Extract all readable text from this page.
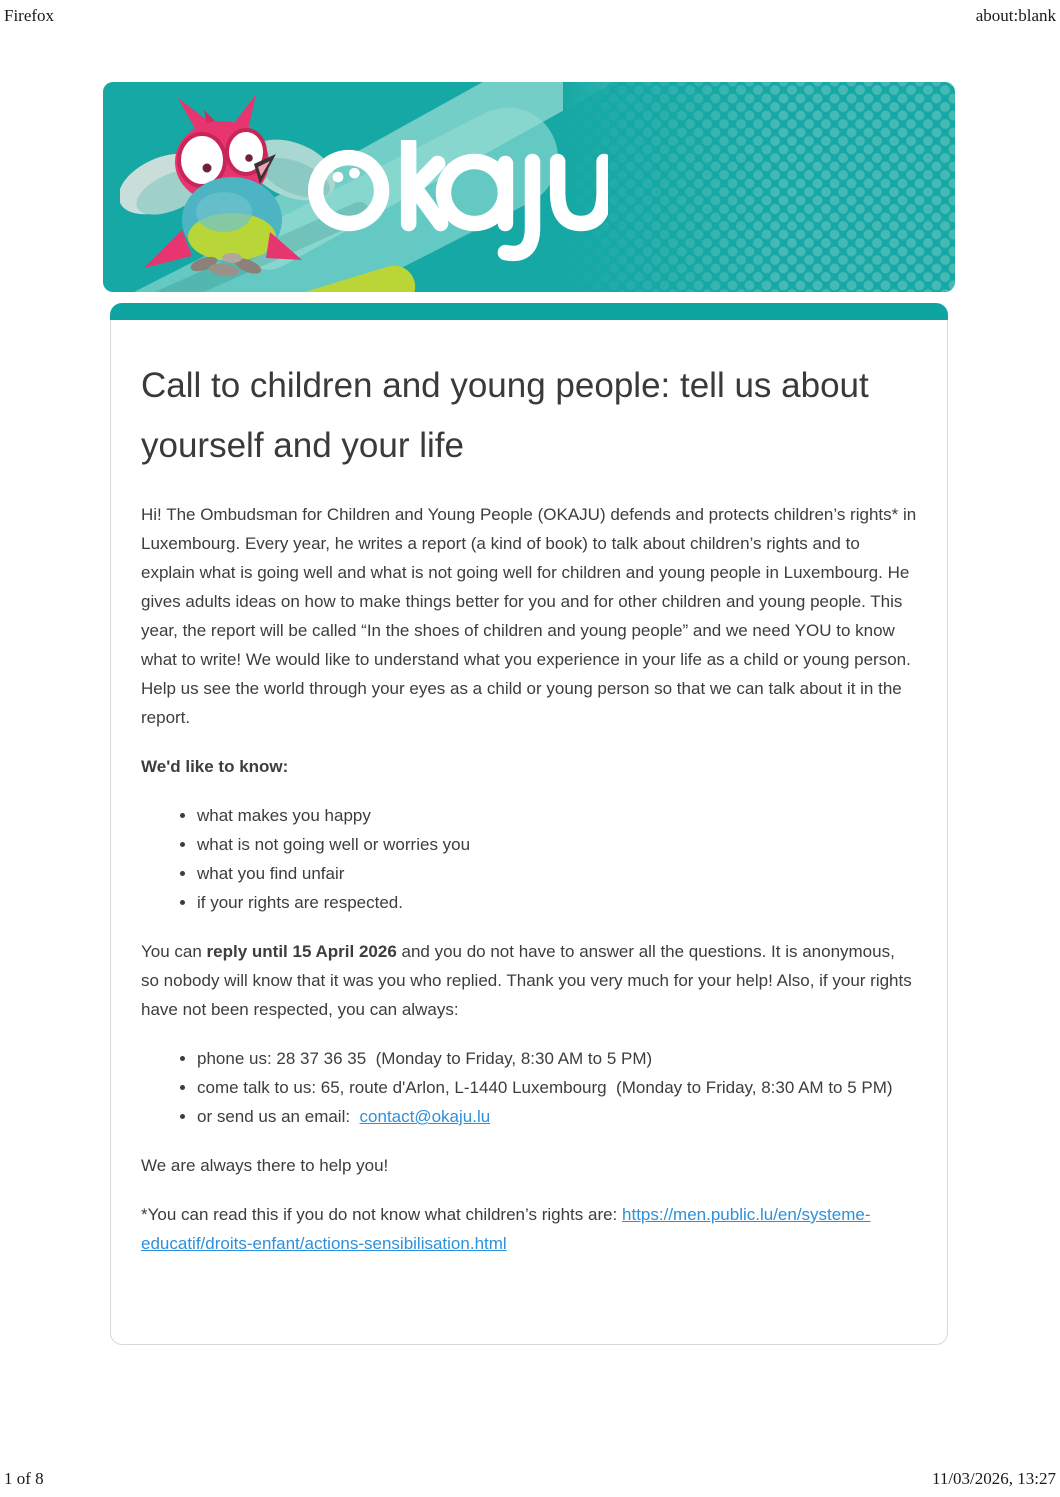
Firefox	about:blank
Call to children and young people: tell us about yourself and your life

Hi! The Ombudsman for Children and Young People (OKAJU) defends and protects children’s rights* in Luxembourg. Every year, he writes a report (a kind of book) to talk about children’s rights and to explain what is going well and what is not going well for children and young people in Luxembourg. He gives adults ideas on how to make things better for you and for other children and young people. This year, the report will be called “In the shoes of children and young people” and we need YOU to know what to write! We would like to understand what you experience in your life as a child or young person. Help us see the world through your eyes as a child or young person so that we can talk about it in the report.

We'd like to know:

• what makes you happy
• what is not going well or worries you
• what you find unfair
• if your rights are respected.

You can reply until 15 April 2026 and you do not have to answer all the questions. It is anonymous, so nobody will know that it was you who replied. Thank you very much for your help! Also, if your rights have not been respected, you can always:

• phone us: 28 37 36 35  (Monday to Friday, 8:30 AM to 5 PM)
• come talk to us: 65, route d'Arlon, L-1440 Luxembourg  (Monday to Friday, 8:30 AM to 5 PM)
• or send us an email:  contact@okaju.lu

We are always there to help you!

*You can read this if you do not know what children’s rights are: https://men.public.lu/en/systeme-educatif/droits-enfant/actions-sensibilisation.html

1 of 8	11/03/2026, 13:27
